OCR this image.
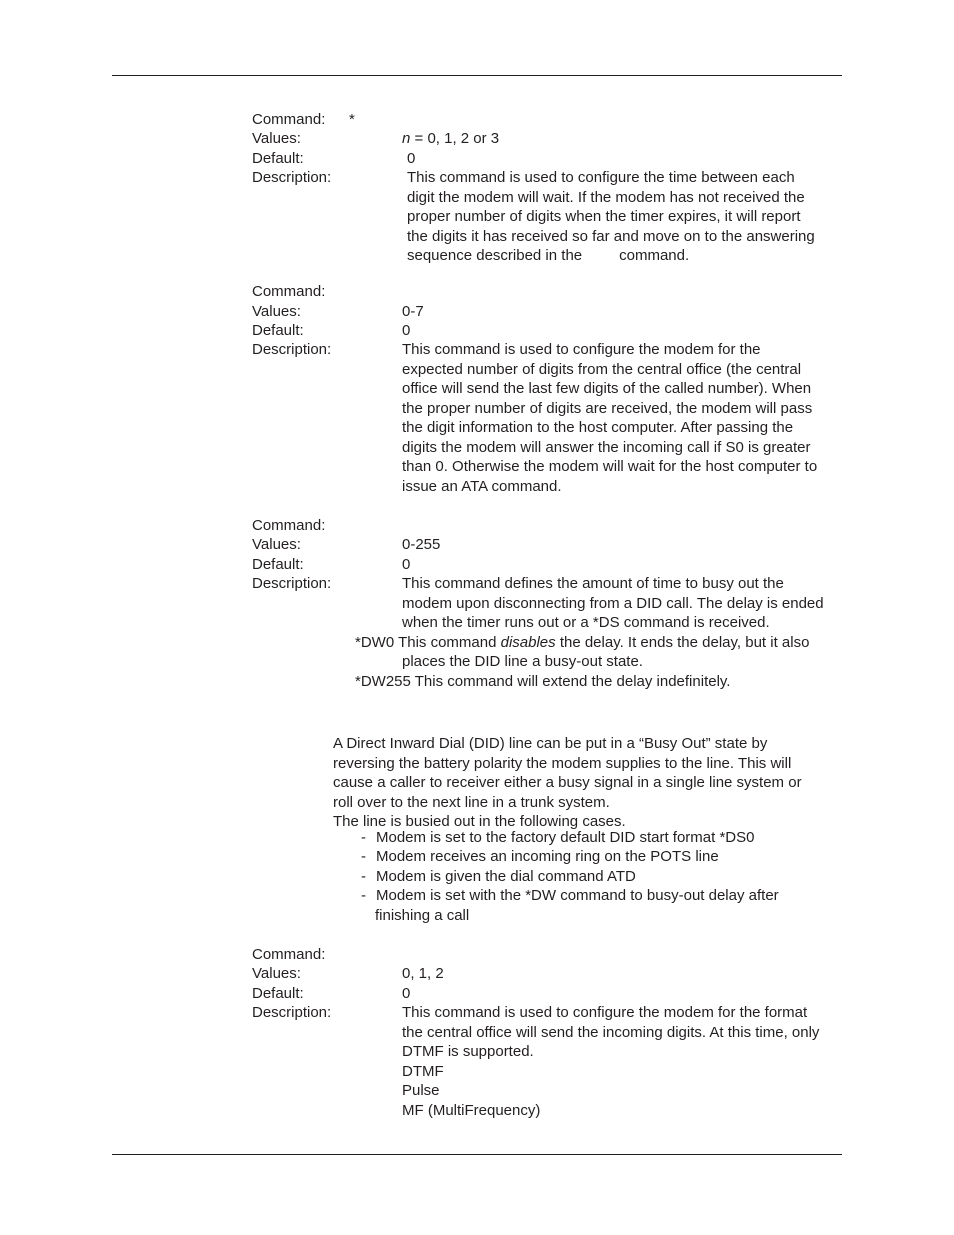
Command: *
Values:	n = 0, 1, 2 or 3
Default:	0
Description:	This command is used to configure the time between each
digit the modem will wait. If the modem has not received the
proper number of digits when the timer expires, it will report
the digits it has received so far and move on to the answering
sequence described in the command.
Command:
Values:	0-7
Default:	0
Description:	This command is used to configure the modem for the
expected number of digits from the central office (the central
office will send the last few digits of the called number). When
the proper number of digits are received, the modem will pass
the digit information to the host computer. After passing the
digits the modem will answer the incoming call if S0 is greater
than 0. Otherwise the modem will wait for the host computer to
issue an ATA command.
Command:
Values:	0-255
Default:	0
Description:	This command defines the amount of time to busy out the
modem upon disconnecting from a DID call. The delay is ended
when the timer runs out or a *DS command is received.
*DW0 This command disables the delay. It ends the delay, but it also
places the DID line a busy-out state.
*DW255 This command will extend the delay indefinitely.
A Direct Inward Dial (DID) line can be put in a “Busy Out” state by
reversing the battery polarity the modem supplies to the line. This will
cause a caller to receiver either a busy signal in a single line system or
roll over to the next line in a trunk system.
The line is busied out in the following cases.
- Modem is set to the factory default DID start format *DS0
- Modem receives an incoming ring on the POTS line
- Modem is given the dial command ATD
- Modem is set with the *DW command to busy-out delay after
finishing a call
Command:
Values:	0, 1, 2
Default:	0
Description:	This command is used to configure the modem for the format
the central office will send the incoming digits. At this time, only
DTMF is supported.
DTMF
Pulse
MF (MultiFrequency)
